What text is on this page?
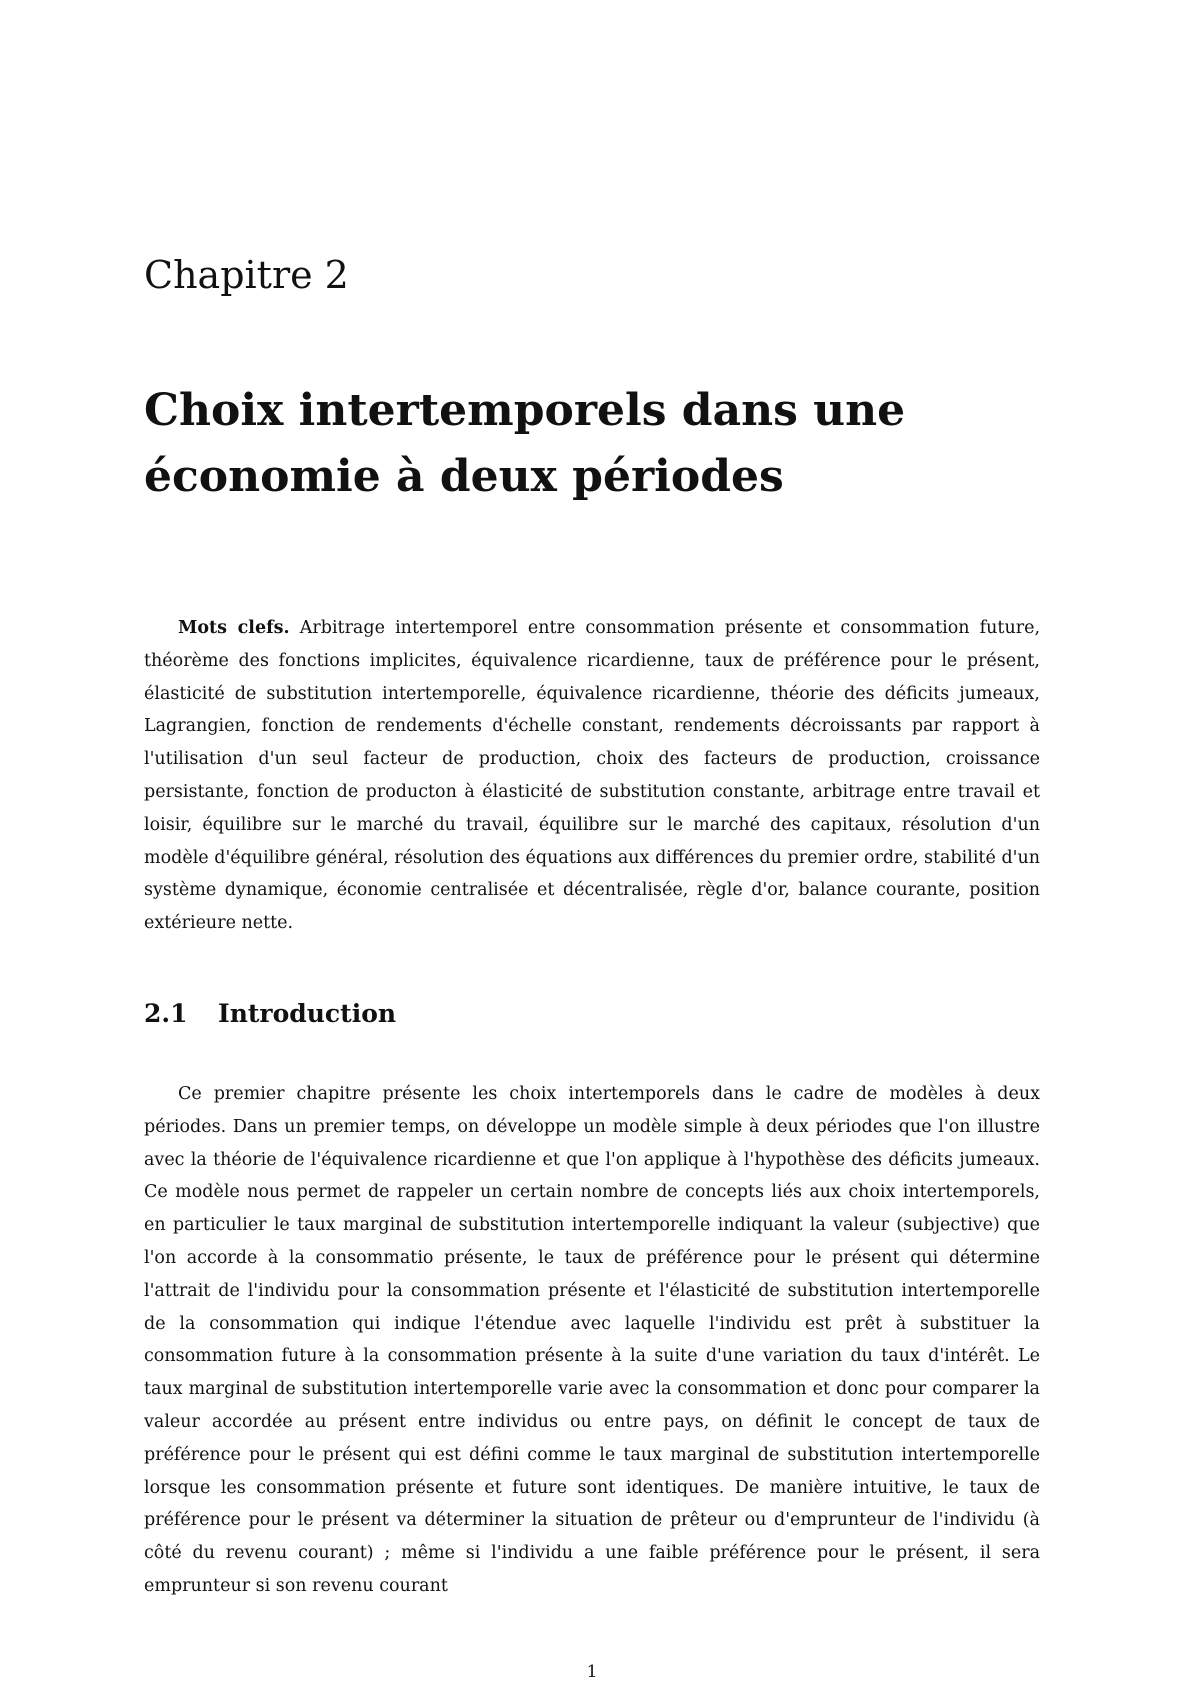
Chapitre 2
Choix intertemporels dans une
économie à deux périodes

Mots clefs. Arbitrage intertemporel entre consommation présente et consommation future, théorème des fonctions implicites, équivalence ricardienne, taux de préférence pour le présent, élasticité de substitution intertemporelle, équivalence ricardienne, théorie des déficits jumeaux, Lagrangien, fonction de rendements d'échelle constant, rendements décroissants par rapport à l'utilisation d'un seul facteur de production, choix des facteurs de production, croissance persistante, fonction de producton à élasticité de substitution constante, arbitrage entre travail et loisir, équilibre sur le marché du travail, équilibre sur le marché des capitaux, résolution d'un modèle d'équilibre général, résolution des équations aux différences du premier ordre, stabilité d'un système dynamique, économie centralisée et décentralisée, règle d'or, balance courante, position extérieure nette.

2.1 Introduction

Ce premier chapitre présente les choix intertemporels dans le cadre de modèles à deux périodes. Dans un premier temps, on développe un modèle simple à deux périodes que l'on illustre avec la théorie de l'équivalence ricardienne et que l'on applique à l'hypothèse des déficits jumeaux. Ce modèle nous permet de rappeler un certain nombre de concepts liés aux choix intertemporels, en particulier le taux marginal de substitution intertemporelle indiquant la valeur (subjective) que l'on accorde à la consommatio présente, le taux de préférence pour le présent qui détermine l'attrait de l'individu pour la consommation présente et l'élasticité de substitution intertemporelle de la consommation qui indique l'étendue avec laquelle l'individu est prêt à substituer la consommation future à la consommation présente à la suite d'une variation du taux d'intérêt. Le taux marginal de substitution intertemporelle varie avec la consommation et donc pour comparer la valeur accordée au présent entre individus ou entre pays, on définit le concept de taux de préférence pour le présent qui est défini comme le taux marginal de substitution intertemporelle lorsque les consommation présente et future sont identiques. De manière intuitive, le taux de préférence pour le présent va déterminer la situation de prêteur ou d'emprunteur de l'individu (à côté du revenu courant) ; même si l'individu a une faible préférence pour le présent, il sera emprunteur si son revenu courant

1
